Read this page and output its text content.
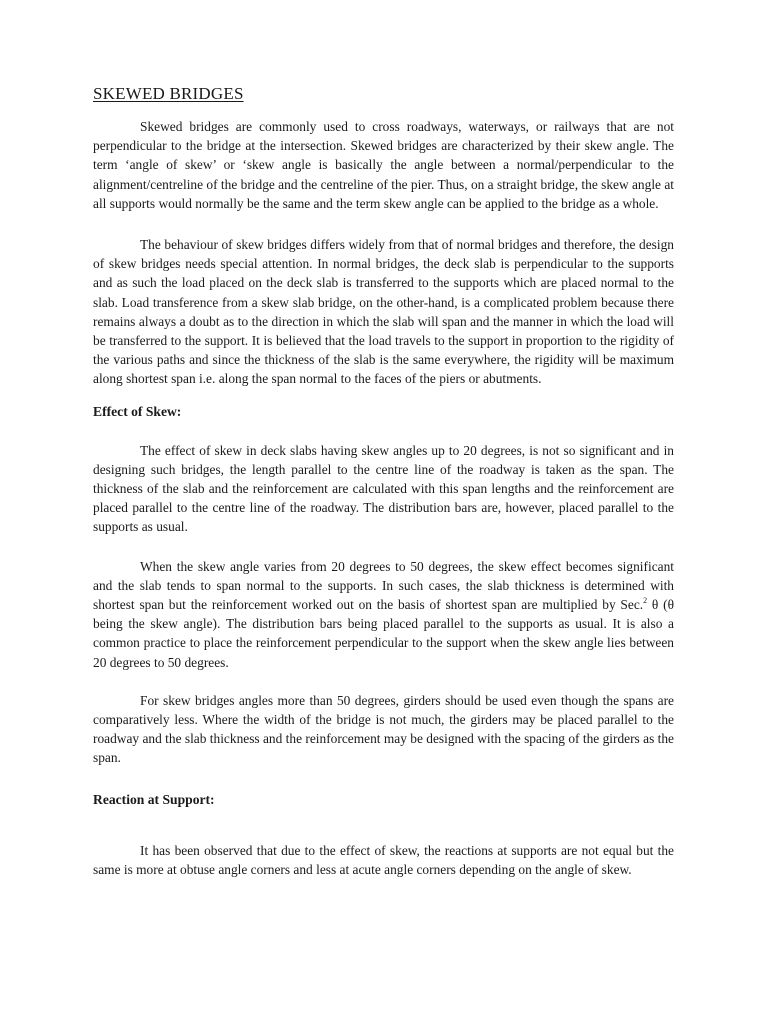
SKEWED BRIDGES

Skewed bridges are commonly used to cross roadways, waterways, or railways that are not perpendicular to the bridge at the intersection. Skewed bridges are characterized by their skew angle. The term ‘angle of skew’ or ‘skew angle is basically the angle between a normal/perpendicular to the alignment/centreline of the bridge and the centreline of the pier. Thus, on a straight bridge, the skew angle at all supports would normally be the same and the term skew angle can be applied to the bridge as a whole.

The behaviour of skew bridges differs widely from that of normal bridges and therefore, the design of skew bridges needs special attention. In normal bridges, the deck slab is perpendicular to the supports and as such the load placed on the deck slab is transferred to the supports which are placed normal to the slab. Load transference from a skew slab bridge, on the other-hand, is a complicated problem because there remains always a doubt as to the direction in which the slab will span and the manner in which the load will be transferred to the support. It is believed that the load travels to the support in proportion to the rigidity of the various paths and since the thickness of the slab is the same everywhere, the rigidity will be maximum along shortest span i.e. along the span normal to the faces of the piers or abutments.

Effect of Skew:

The effect of skew in deck slabs having skew angles up to 20 degrees, is not so significant and in designing such bridges, the length parallel to the centre line of the roadway is taken as the span. The thickness of the slab and the reinforcement are calculated with this span lengths and the reinforcement are placed parallel to the centre line of the roadway. The distribution bars are, however, placed parallel to the supports as usual.

When the skew angle varies from 20 degrees to 50 degrees, the skew effect becomes significant and the slab tends to span normal to the supports. In such cases, the slab thickness is determined with shortest span but the reinforcement worked out on the basis of shortest span are multiplied by Sec.$^2$ θ (θ being the skew angle). The distribution bars being placed parallel to the supports as usual. It is also a common practice to place the reinforcement perpendicular to the support when the skew angle lies between 20 degrees to 50 degrees.

For skew bridges angles more than 50 degrees, girders should be used even though the spans are comparatively less. Where the width of the bridge is not much, the girders may be placed parallel to the roadway and the slab thickness and the reinforcement may be designed with the spacing of the girders as the span.

Reaction at Support:

It has been observed that due to the effect of skew, the reactions at supports are not equal but the same is more at obtuse angle corners and less at acute angle corners depending on the angle of skew.
